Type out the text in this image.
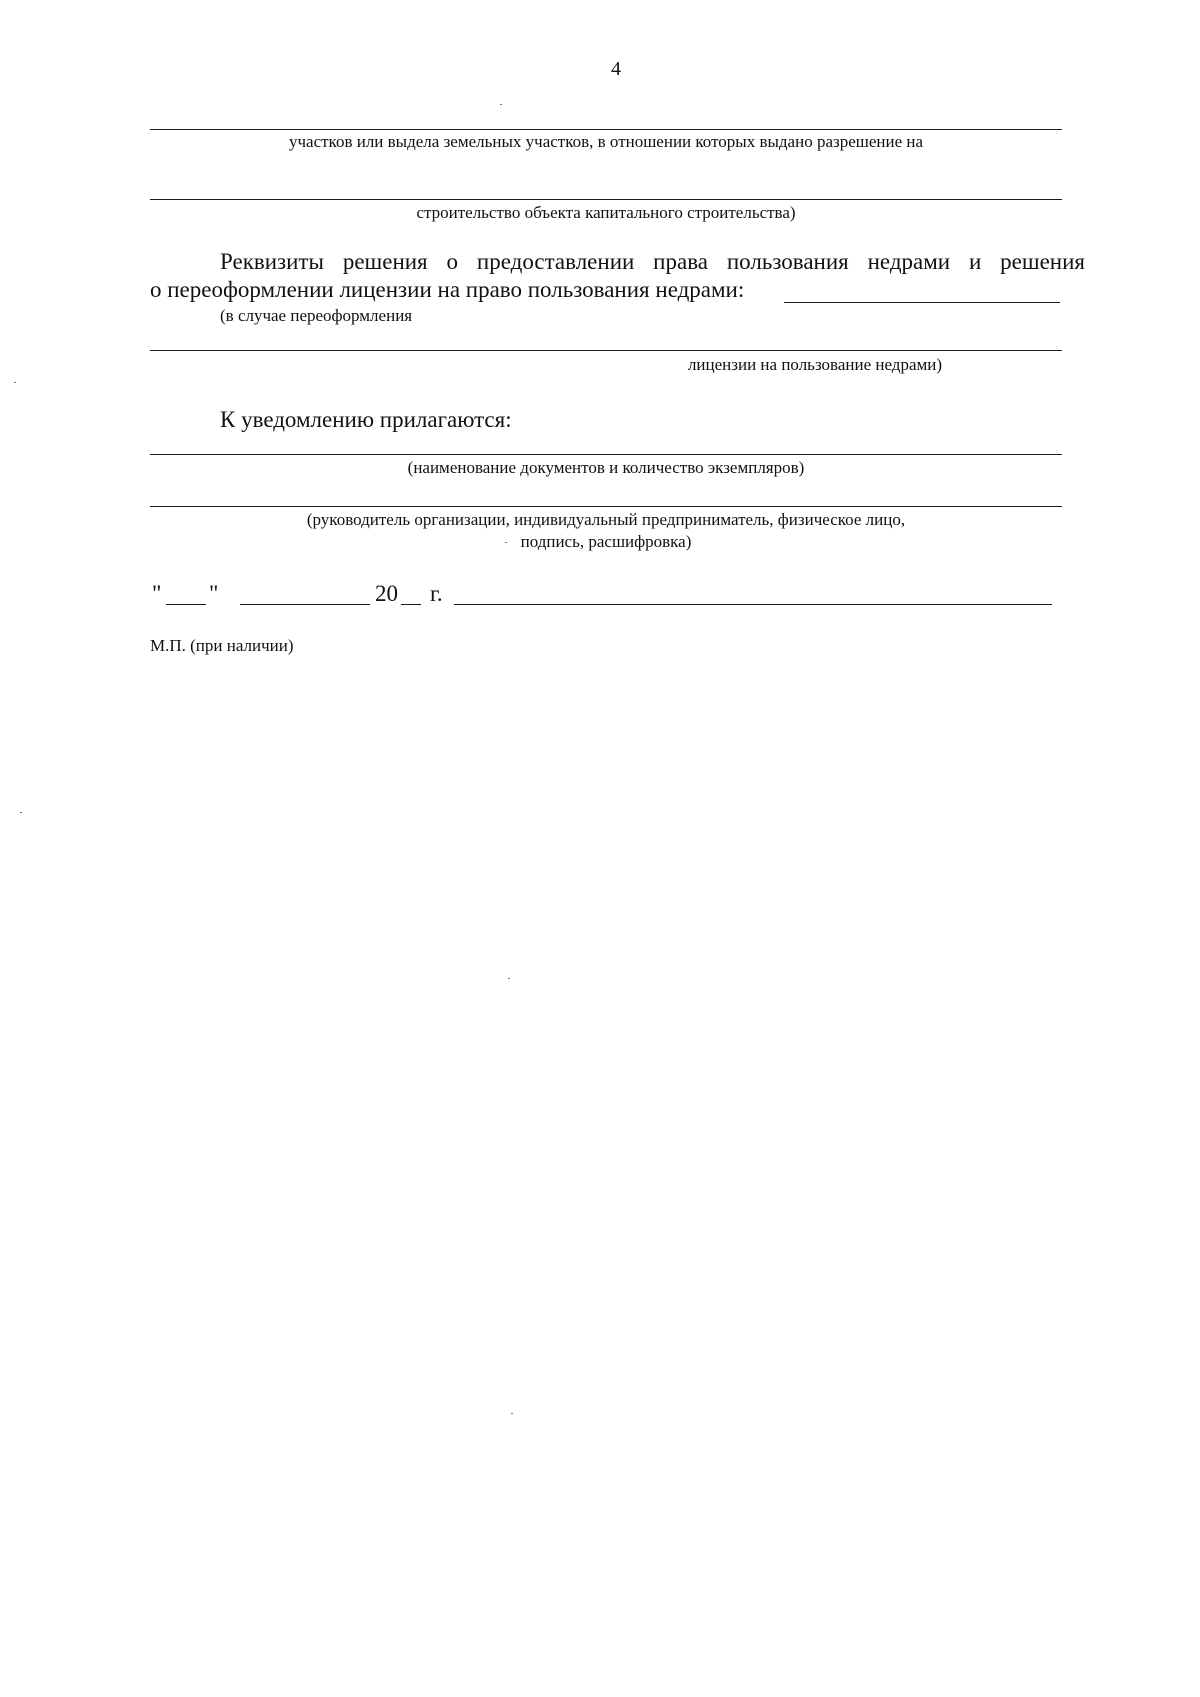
4
участков или выдела земельных участков, в отношении которых выдано разрешение на
строительство объекта капитального строительства)
Реквизиты решения о предоставлении права пользования недрами и решения
о переоформлении лицензии на право пользования недрами:
(в случае переоформления
лицензии на пользование недрами)
К уведомлению прилагаются:
(наименование документов и количество экземпляров)
(руководитель организации, индивидуальный предприниматель, физическое лицо,
подпись, расшифровка)
" "	20 г.
М.П. (при наличии)
